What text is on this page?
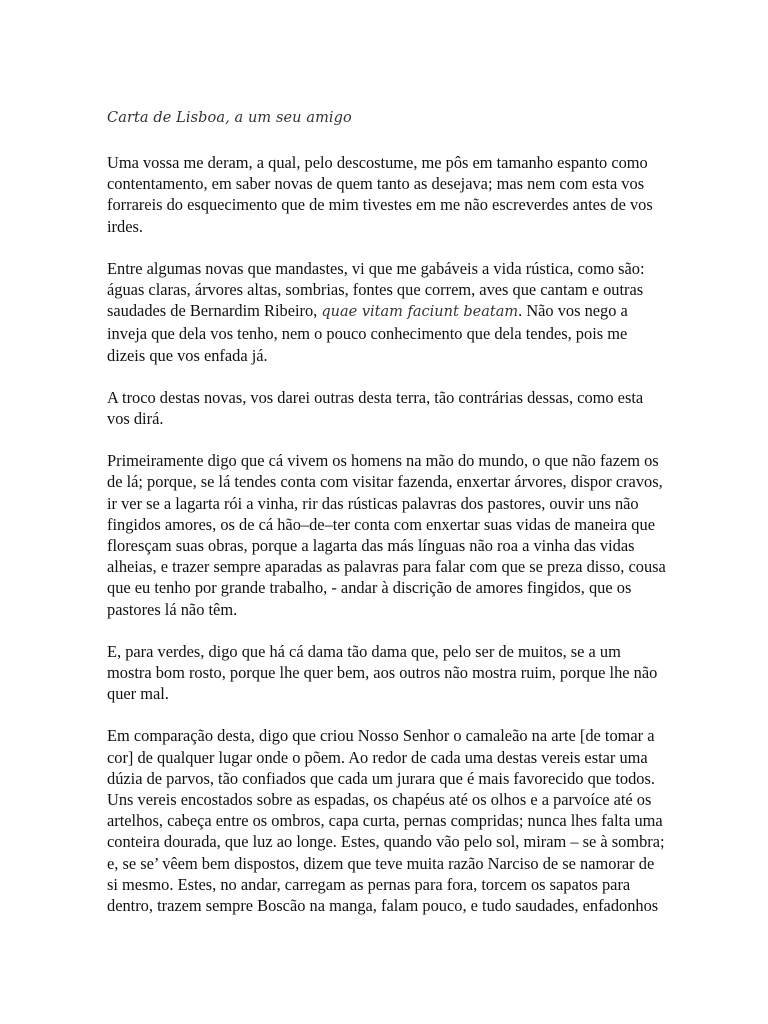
Carta de Lisboa, a um seu amigo

Uma vossa me deram, a qual, pelo descostume, me pôs em tamanho espanto como contentamento, em saber novas de quem tanto as desejava; mas nem com esta vos forrareis do esquecimento que de mim tivestes em me não escreverdes antes de vos irdes.

Entre algumas novas que mandastes, vi que me gabáveis a vida rústica, como são: águas claras, árvores altas, sombrias, fontes que correm, aves que cantam e outras saudades de Bernardim Ribeiro, quae vitam faciunt beatam. Não vos nego a inveja que dela vos tenho, nem o pouco conhecimento que dela tendes, pois me dizeis que vos enfada já.

A troco destas novas, vos darei outras desta terra, tão contrárias dessas, como esta vos dirá.

Primeiramente digo que cá vivem os homens na mão do mundo, o que não fazem os de lá; porque, se lá tendes conta com visitar fazenda, enxertar árvores, dispor cravos, ir ver se a lagarta rói a vinha, rir das rústicas palavras dos pastores, ouvir uns não fingidos amores, os de cá hão–de–ter conta com enxertar suas vidas de maneira que floresçam suas obras, porque a lagarta das más línguas não roa a vinha das vidas alheias, e trazer sempre aparadas as palavras para falar com que se preza disso, cousa que eu tenho por grande trabalho, - andar à discrição de amores fingidos, que os pastores lá não têm.

E, para verdes, digo que há cá dama tão dama que, pelo ser de muitos, se a um mostra bom rosto, porque lhe quer bem, aos outros não mostra ruim, porque lhe não quer mal.

Em comparação desta, digo que criou Nosso Senhor o camaleão na arte [de tomar a cor] de qualquer lugar onde o põem. Ao redor de cada uma destas vereis estar uma dúzia de parvos, tão confiados que cada um jurara que é mais favorecido que todos. Uns vereis encostados sobre as espadas, os chapéus até os olhos e a parvoíce até os artelhos, cabeça entre os ombros, capa curta, pernas compridas; nunca lhes falta uma conteira dourada, que luz ao longe. Estes, quando vão pelo sol, miram – se à sombra; e, se se’ vêem bem dispostos, dizem que teve muita razão Narciso de se namorar de si mesmo. Estes, no andar, carregam as pernas para fora, torcem os sapatos para dentro, trazem sempre Boscão na manga, falam pouco, e tudo saudades, enfadonhos
